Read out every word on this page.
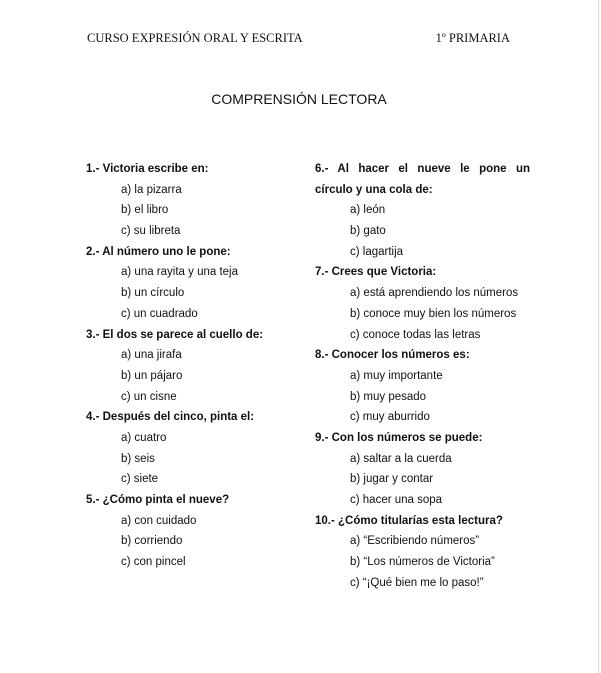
CURSO EXPRESIÓN ORAL Y ESCRITA	1º PRIMARIA
COMPRENSIÓN LECTORA
1.- Victoria escribe en:
a) la pizarra
b) el libro
c) su libreta
2.- Al número uno le pone:
a) una rayita y una teja
b) un círculo
c) un cuadrado
3.- El dos se parece al cuello de:
a) una jirafa
b) un pájaro
c) un cisne
4.- Después del cinco, pinta el:
a) cuatro
b) seis
c) siete
5.- ¿Cómo pinta el nueve?
a) con cuidado
b) corriendo
c) con pincel
6.- Al hacer el nueve le pone un
círculo y una cola de:
a) león
b) gato
c) lagartija
7.- Crees que Victoria:
a) está aprendiendo los números
b) conoce muy bien los números
c) conoce todas las letras
8.- Conocer los números es:
a) muy importante
b) muy pesado
c) muy aburrido
9.- Con los números se puede:
a) saltar a la cuerda
b) jugar y contar
c) hacer una sopa
10.- ¿Cómo titularías esta lectura?
a) “Escribiendo números”
b) “Los números de Victoria”
c) “¡Qué bien me lo paso!”
